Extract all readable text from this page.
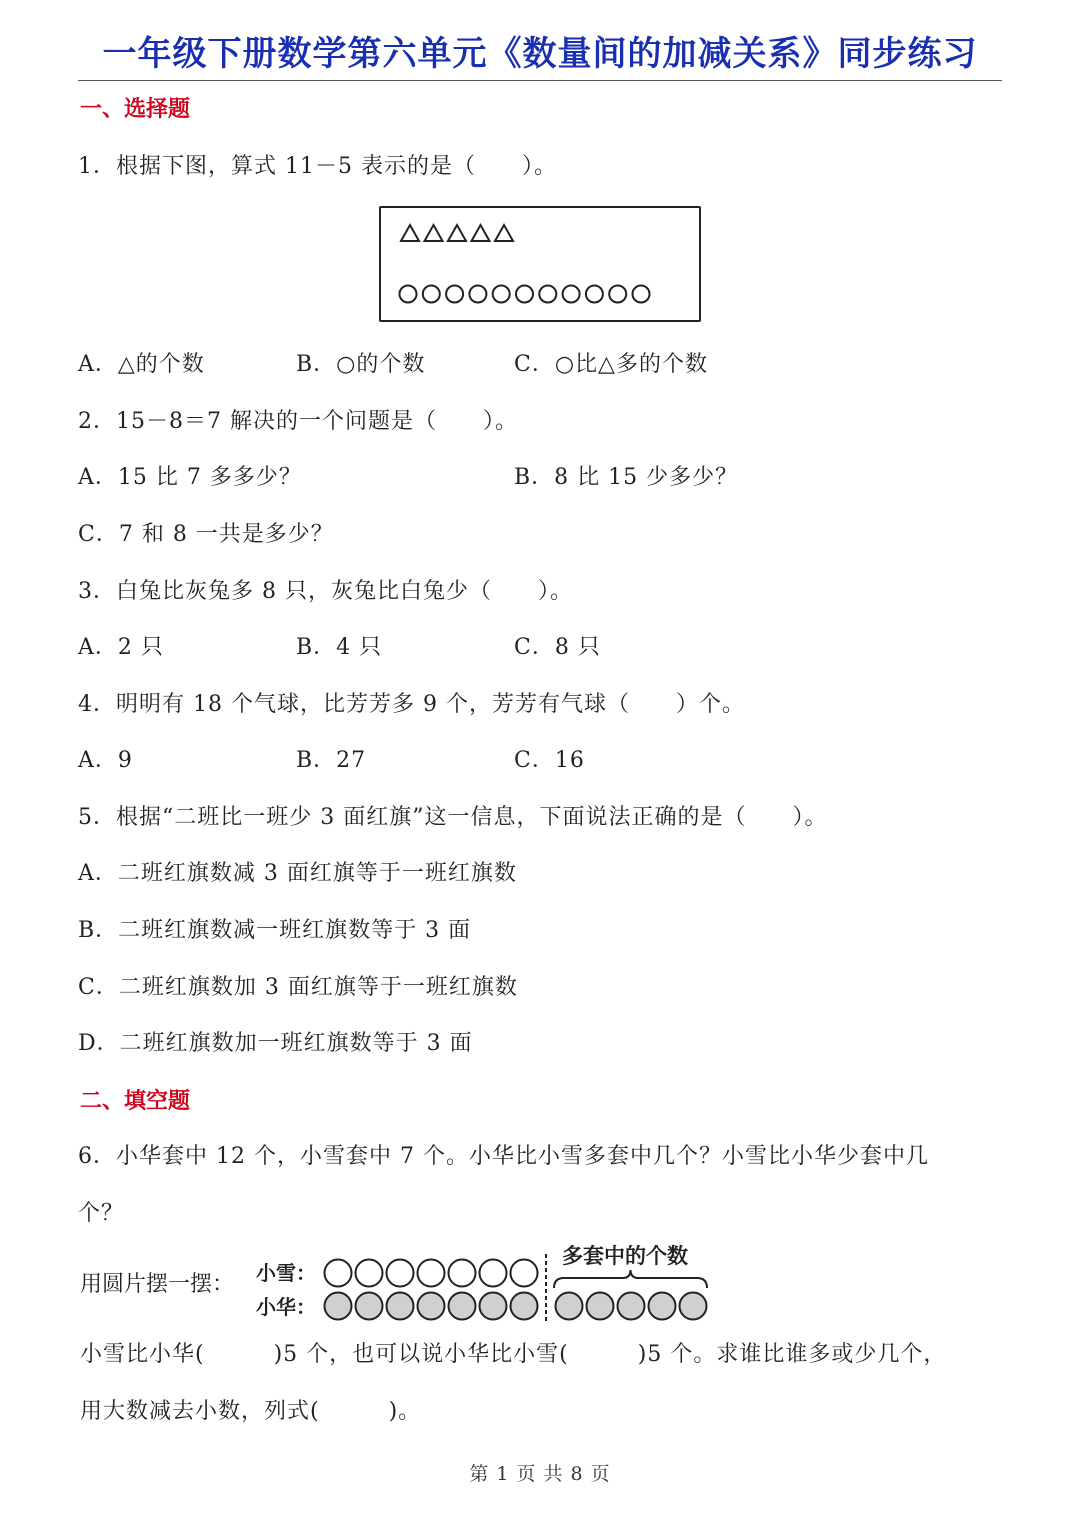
一年级下册数学第六单元《数量间的加减关系》同步练习
一、选择题
1．根据下图，算式 11－5 表示的是（　　）。
A．△的个数	B．○的个数	C．○比△多的个数
2．15－8＝7 解决的一个问题是（　　）。
A．15 比 7 多多少？	B．8 比 15 少多少？
C．7 和 8 一共是多少？
3．白兔比灰兔多 8 只，灰兔比白兔少（　　）。
A．2 只	B．4 只	C．8 只
4．明明有 18 个气球，比芳芳多 9 个，芳芳有气球（　　）个。
A．9	B．27	C．16
5．根据“二班比一班少 3 面红旗”这一信息，下面说法正确的是（　　）。
A．二班红旗数减 3 面红旗等于一班红旗数
B．二班红旗数减一班红旗数等于 3 面
C．二班红旗数加 3 面红旗等于一班红旗数
D．二班红旗数加一班红旗数等于 3 面
二、填空题
6．小华套中 12 个，小雪套中 7 个。小华比小雪多套中几个？小雪比小华少套中几
个？
用圆片摆一摆： 小雪：
小华：
多套中的个数
小雪比小华(　　　)5 个，也可以说小华比小雪(　　　)5 个。求谁比谁多或少几个，
用大数减去小数，列式(　　　)。
第 1 页 共 8 页
